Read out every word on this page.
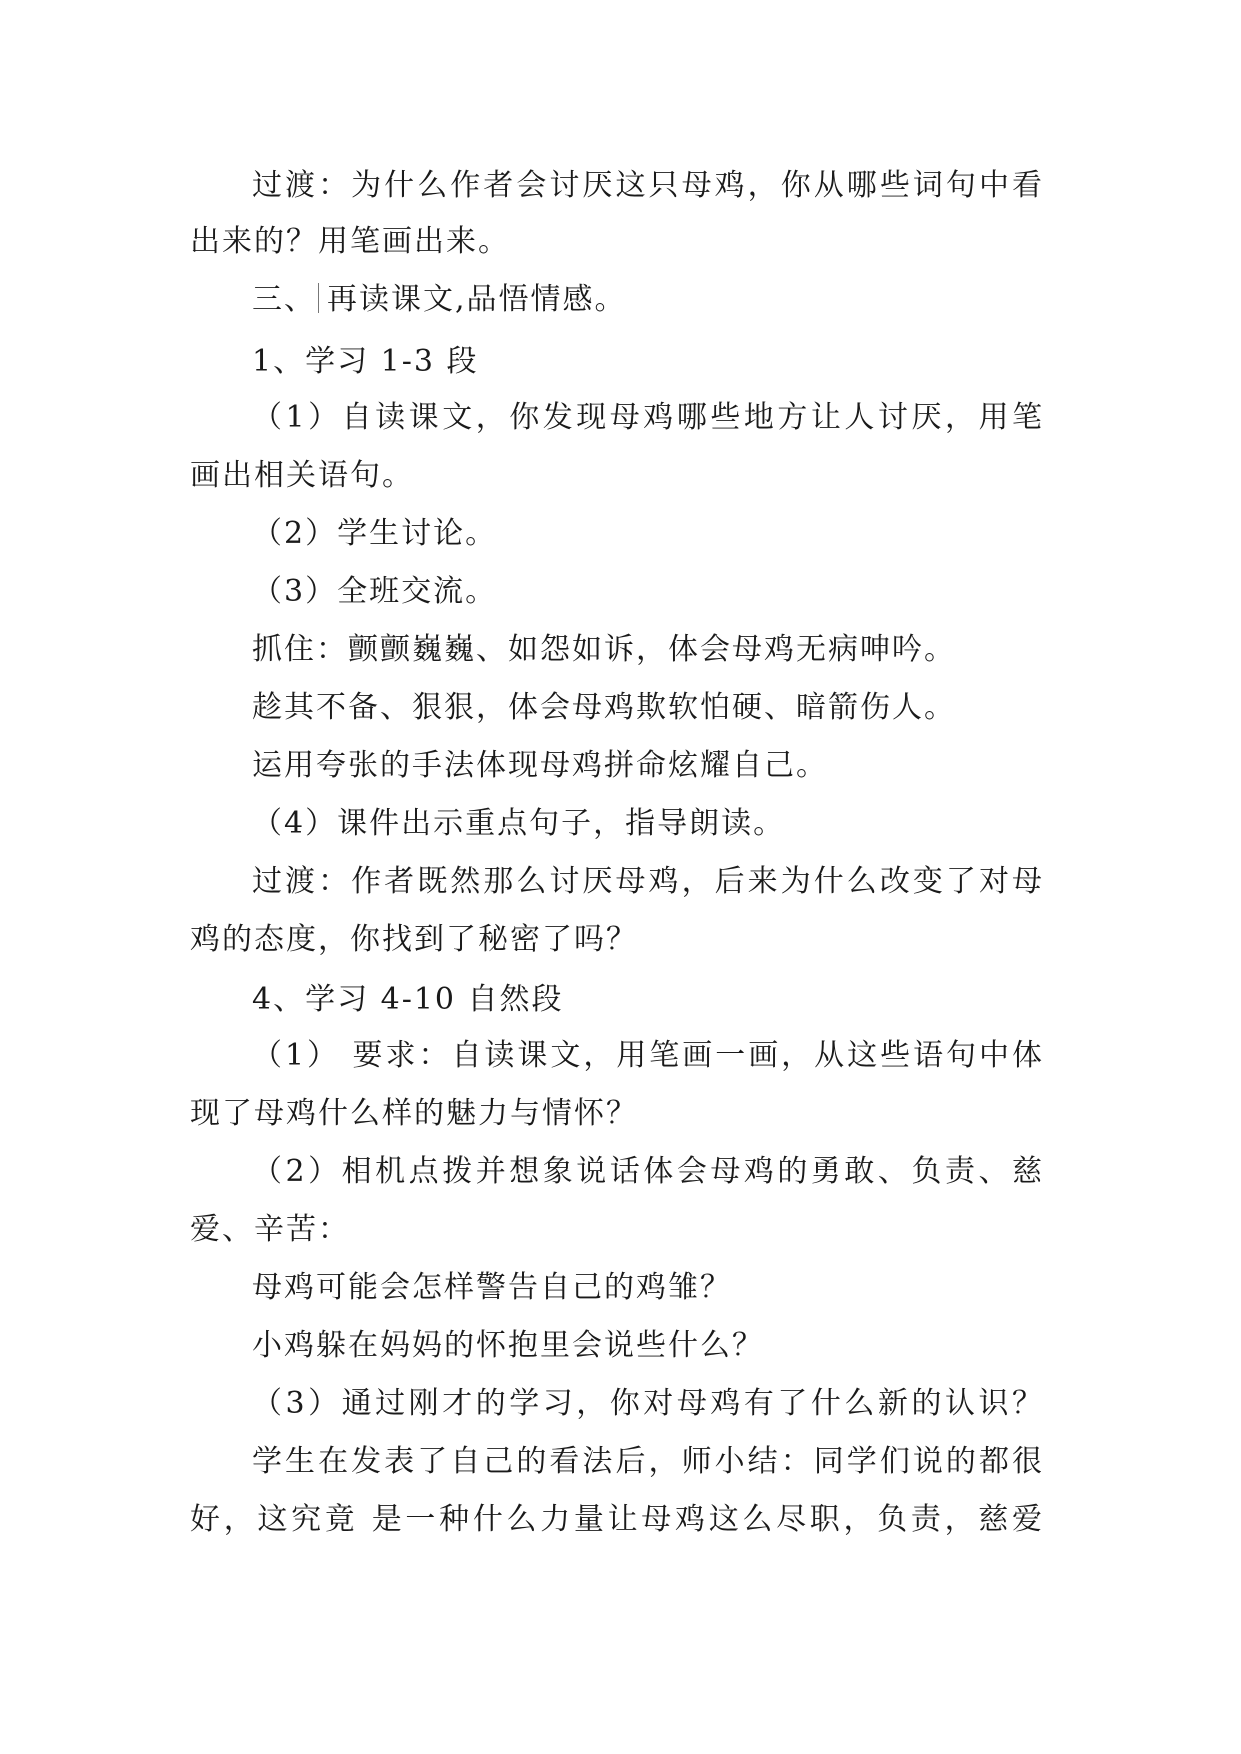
过渡：为什么作者会讨厌这只母鸡，你从哪些词句中看
出来的？用笔画出来。
三、 再读课文,品悟情感。
1、学习 1-3 段
（1）自读课文，你发现母鸡哪些地方让人讨厌，用笔
画出相关语句。
（2）学生讨论。
（3）全班交流。
抓住：颤颤巍巍、如怨如诉，体会母鸡无病呻吟。
趁其不备、狠狠，体会母鸡欺软怕硬、暗箭伤人。
运用夸张的手法体现母鸡拼命炫耀自己。
（4）课件出示重点句子，指导朗读。
过渡：作者既然那么讨厌母鸡，后来为什么改变了对母
鸡的态度，你找到了秘密了吗？
4、学习 4-10 自然段
（1） 要求：自读课文，用笔画一画，从这些语句中体
现了母鸡什么样的魅力与情怀？
（2）相机点拨并想象说话体会母鸡的勇敢、负责、慈
爱、辛苦：
母鸡可能会怎样警告自己的鸡雏？
小鸡躲在妈妈的怀抱里会说些什么？
（3）通过刚才的学习，你对母鸡有了什么新的认识？
学生在发表了自己的看法后，师小结：同学们说的都很
好，这究竟 是一种什么力量让母鸡这么尽职，负责，慈爱
